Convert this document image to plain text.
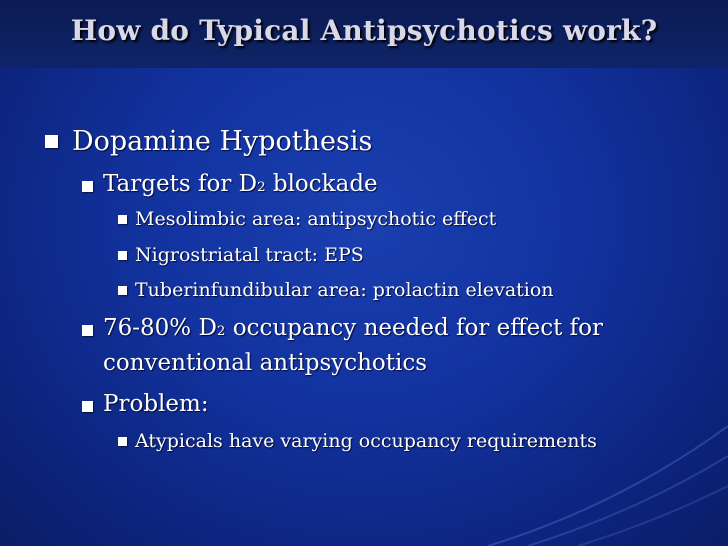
How do Typical Antipsychotics work?
Dopamine Hypothesis
Targets for D2 blockade
Mesolimbic area: antipsychotic effect
Nigrostriatal tract: EPS
Tuberinfundibular area: prolactin elevation
76-80% D2 occupancy needed for effect for
conventional antipsychotics
Problem:
Atypicals have varying occupancy requirements
